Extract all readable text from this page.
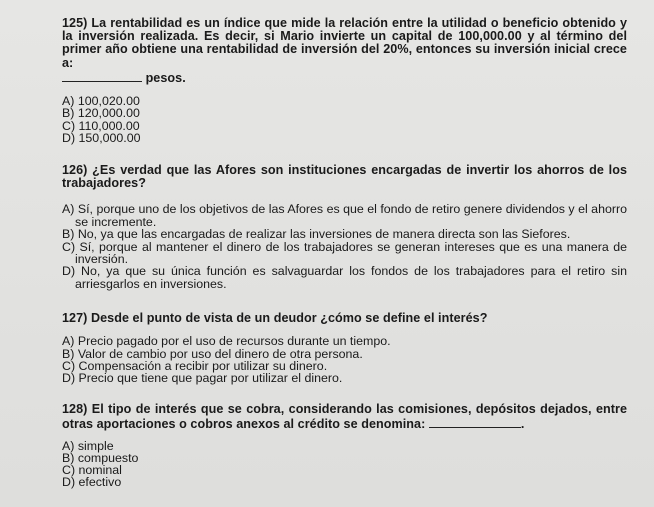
125) La rentabilidad es un índice que mide la relación entre la utilidad o beneficio obtenido y la inversión realizada. Es decir, si Mario invierte un capital de 100,000.00 y al término del primer año obtiene una rentabilidad de inversión del 20%, entonces su inversión inicial crece a:
pesos.
A) 100,020.00
B) 120,000.00
C) 110,000.00
D) 150,000.00
126) ¿Es verdad que las Afores son instituciones encargadas de invertir los ahorros de los trabajadores?
A) Sí, porque uno de los objetivos de las Afores es que el fondo de retiro genere dividendos y el ahorro se incremente.
B) No, ya que las encargadas de realizar las inversiones de manera directa son las Siefores.
C) Sí, porque al mantener el dinero de los trabajadores se generan intereses que es una manera de inversión.
D) No, ya que su única función es salvaguardar los fondos de los trabajadores para el retiro sin arriesgarlos en inversiones.
127) Desde el punto de vista de un deudor ¿cómo se define el interés?
A) Precio pagado por el uso de recursos durante un tiempo.
B) Valor de cambio por uso del dinero de otra persona.
C) Compensación a recibir por utilizar su dinero.
D) Precio que tiene que pagar por utilizar el dinero.
128) El tipo de interés que se cobra, considerando las comisiones, depósitos dejados, entre otras aportaciones o cobros anexos al crédito se denomina:	.
A) simple
B) compuesto
C) nominal
D) efectivo
